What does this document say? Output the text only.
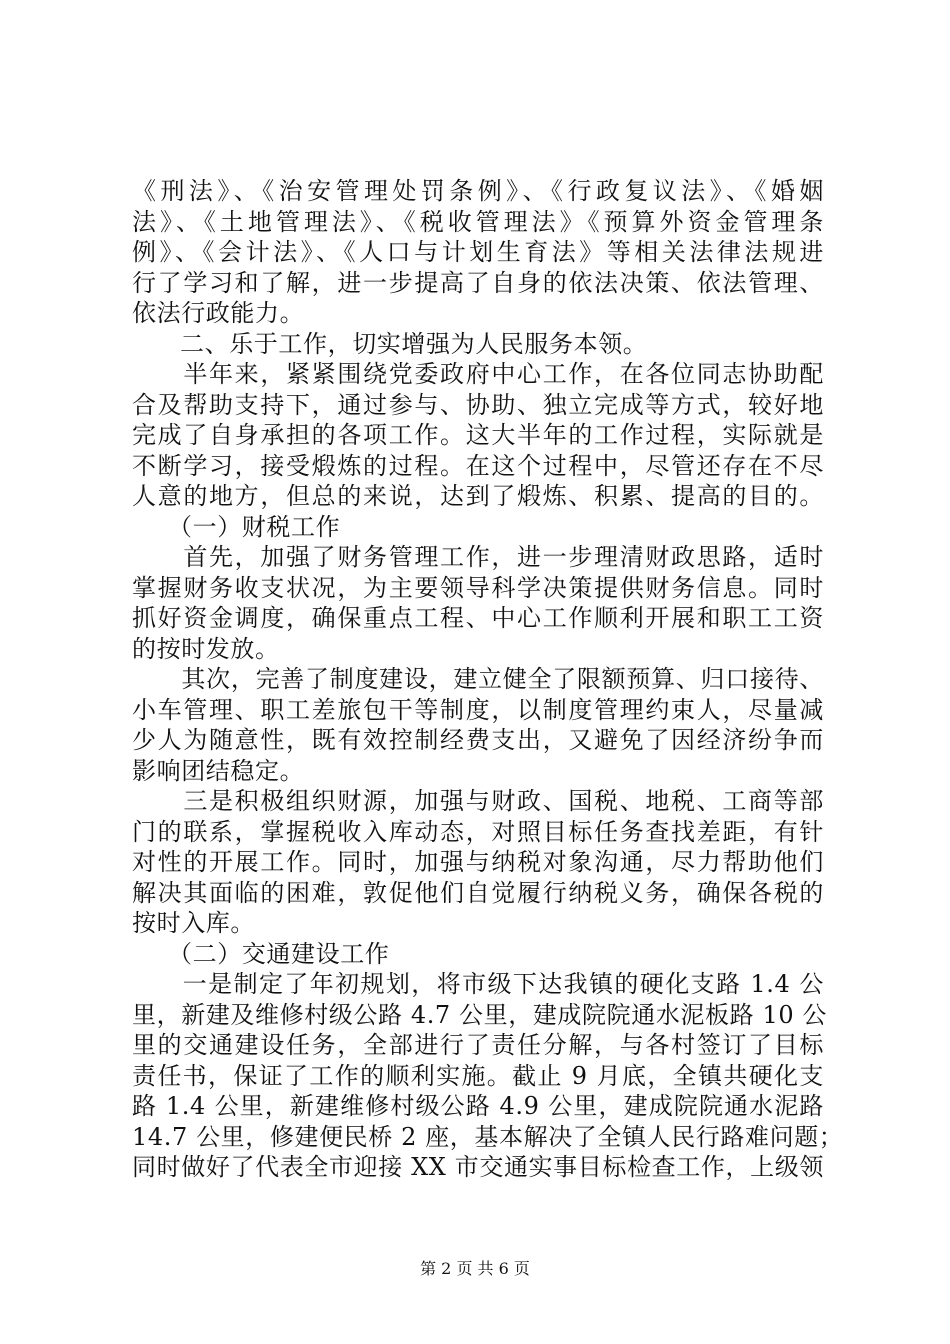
《刑法》、《治安管理处罚条例》、《行政复议法》、《婚姻
法》、《土地管理法》、《税收管理法》《预算外资金管理条
例》、《会计法》、《人口与计划生育法》等相关法律法规进
行了学习和了解，进一步提高了自身的依法决策、依法管理、
依法行政能力。
二、乐于工作，切实增强为人民服务本领。
　　半年来，紧紧围绕党委政府中心工作，在各位同志协助配
合及帮助支持下，通过参与、协助、独立完成等方式，较好地
完成了自身承担的各项工作。这大半年的工作过程，实际就是
不断学习，接受煅炼的过程。在这个过程中，尽管还存在不尽
人意的地方，但总的来说，达到了煅炼、积累、提高的目的。
（一）财税工作
　　首先，加强了财务管理工作，进一步理清财政思路，适时
掌握财务收支状况，为主要领导科学决策提供财务信息。同时
抓好资金调度，确保重点工程、中心工作顺利开展和职工工资
的按时发放。
　　其次，完善了制度建设，建立健全了限额预算、归口接待、
小车管理、职工差旅包干等制度，以制度管理约束人，尽量减
少人为随意性，既有效控制经费支出，又避免了因经济纷争而
影响团结稳定。
　　三是积极组织财源，加强与财政、国税、地税、工商等部
门的联系，掌握税收入库动态，对照目标任务查找差距，有针
对性的开展工作。同时，加强与纳税对象沟通，尽力帮助他们
解决其面临的困难，敦促他们自觉履行纳税义务，确保各税的
按时入库。
（二）交通建设工作
　　一是制定了年初规划，将市级下达我镇的硬化支路 1.4 公
里，新建及维修村级公路 4.7 公里，建成院院通水泥板路 10 公
里的交通建设任务，全部进行了责任分解，与各村签订了目标
责任书，保证了工作的顺利实施。截止 9 月底，全镇共硬化支
路 1.4 公里，新建维修村级公路 4.9 公里，建成院院通水泥路
14.7 公里，修建便民桥 2 座，基本解决了全镇人民行路难问题；
同时做好了代表全市迎接 XX 市交通实事目标检查工作，上级领
第 2 页 共 6 页
